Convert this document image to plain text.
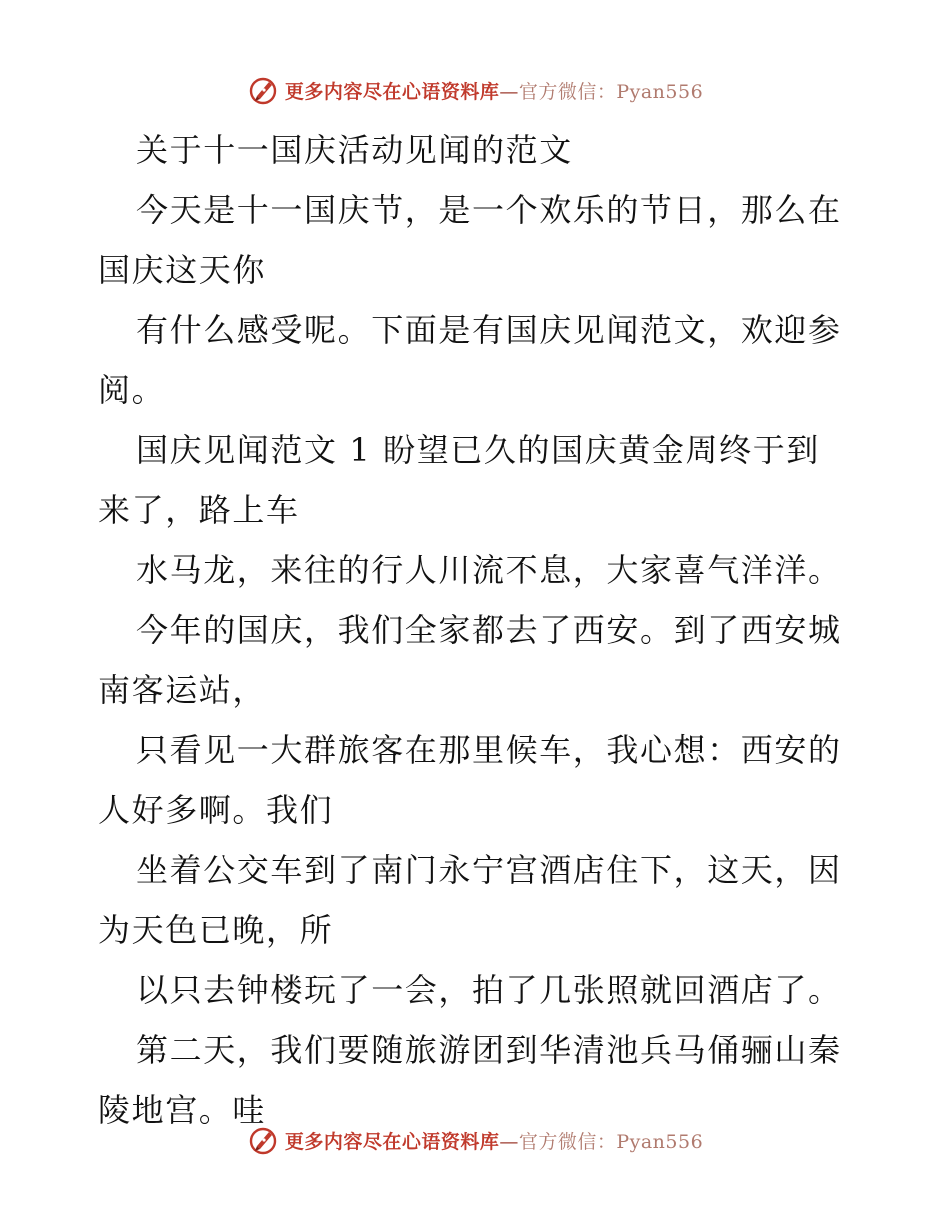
更多内容尽在心语资料库—官方微信：Pyan556

关于十一国庆活动见闻的范文

今天是十一国庆节，是一个欢乐的节日，那么在

国庆这天你

有什么感受呢。下面是有国庆见闻范文，欢迎参

阅。

国庆见闻范文 1 盼望已久的国庆黄金周终于到

来了，路上车

水马龙，来往的行人川流不息，大家喜气洋洋。

今年的国庆，我们全家都去了西安。到了西安城

南客运站，

只看见一大群旅客在那里候车，我心想：西安的

人好多啊。我们

坐着公交车到了南门永宁宫酒店住下，这天，因

为天色已晚，所

以只去钟楼玩了一会，拍了几张照就回酒店了。

第二天，我们要随旅游团到华清池兵马俑骊山秦

陵地宫。哇

更多内容尽在心语资料库—官方微信：Pyan556
